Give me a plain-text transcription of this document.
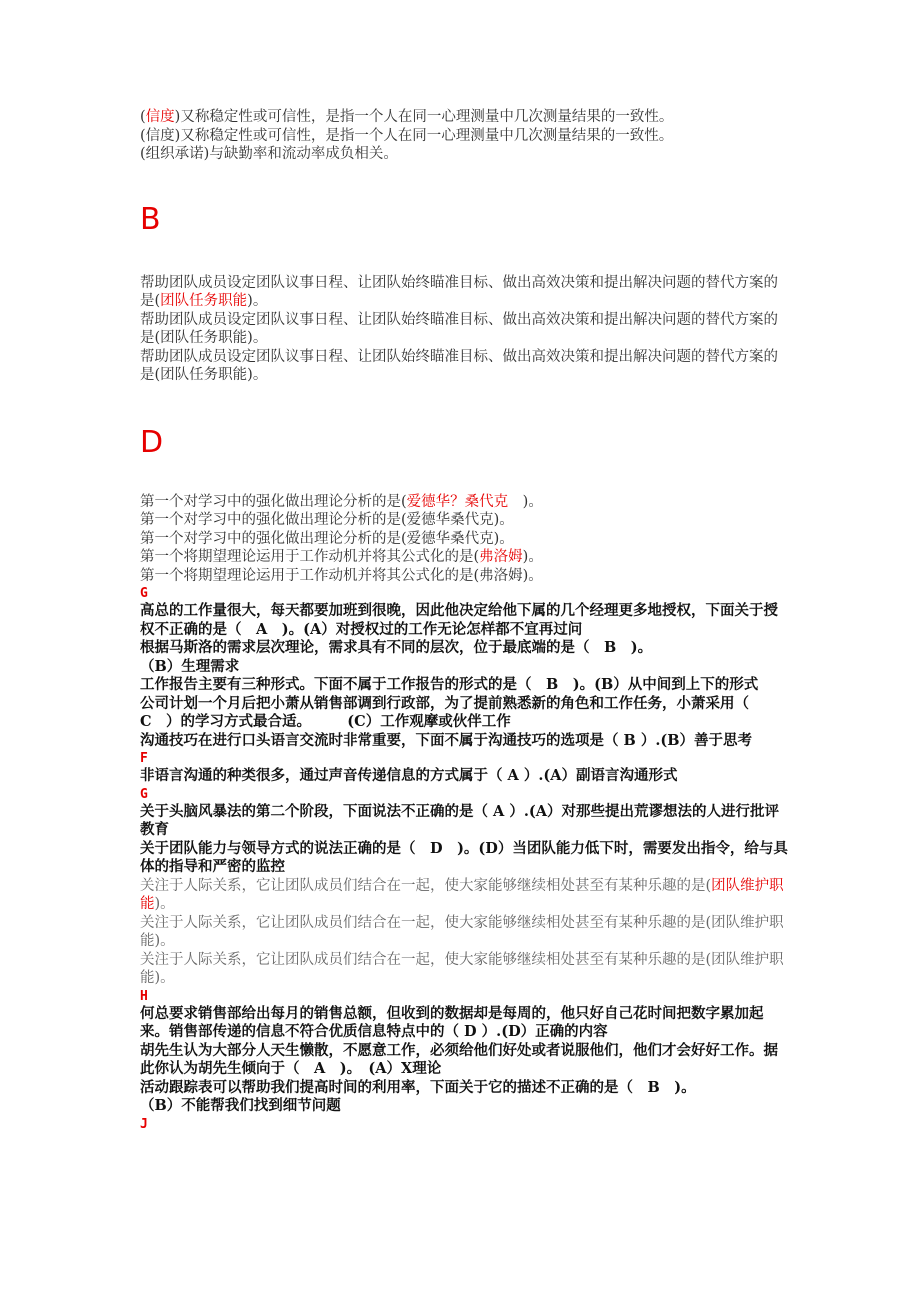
(信度)又称稳定性或可信性，是指一个人在同一心理测量中几次测量结果的一致性。
(信度)又称稳定性或可信性，是指一个人在同一心理测量中几次测量结果的一致性。
(组织承诺)与缺勤率和流动率成负相关。
B
帮助团队成员设定团队议事日程、让团队始终瞄准目标、做出高效决策和提出解决问题的替代方案的是(团队任务职能)。
帮助团队成员设定团队议事日程、让团队始终瞄准目标、做出高效决策和提出解决问题的替代方案的是(团队任务职能)。
帮助团队成员设定团队议事日程、让团队始终瞄准目标、做出高效决策和提出解决问题的替代方案的是(团队任务职能)。
D
第一个对学习中的强化做出理论分析的是(爱德华？桑代克　)。
第一个对学习中的强化做出理论分析的是(爱德华桑代克)。
第一个对学习中的强化做出理论分析的是(爱德华桑代克)。
第一个将期望理论运用于工作动机并将其公式化的是(弗洛姆)。
第一个将期望理论运用于工作动机并将其公式化的是(弗洛姆)。
G
高总的工作量很大，每天都要加班到很晚，因此他决定给他下属的几个经理更多地授权，下面关于授权不正确的是（　A　)。(A）对授权过的工作无论怎样都不宜再过问
根据马斯洛的需求层次理论，需求具有不同的层次，位于最底端的是（　B　)。
（B）生理需求
工作报告主要有三种形式。下面不属于工作报告的形式的是（　B　)。(B）从中间到上下的形式
公司计划一个月后把小萧从销售部调到行政部，为了提前熟悉新的角色和工作任务，小萧采用（　C　）的学习方式最合适。　　　(C）工作观摩或伙伴工作
沟通技巧在进行口头语言交流时非常重要，下面不属于沟通技巧的选项是（ B ）.(B）善于思考
F
非语言沟通的种类很多，通过声音传递信息的方式属于（ A ）.(A）副语言沟通形式
G
关于头脑风暴法的第二个阶段，下面说法不正确的是（ A ）.(A）对那些提出荒谬想法的人进行批评教育
关于团队能力与领导方式的说法正确的是（　D　)。(D）当团队能力低下时，需要发出指令，给与具体的指导和严密的监控
关注于人际关系，它让团队成员们结合在一起，使大家能够继续相处甚至有某种乐趣的是(团队维护职能)。
关注于人际关系，它让团队成员们结合在一起，使大家能够继续相处甚至有某种乐趣的是(团队维护职能)。
关注于人际关系，它让团队成员们结合在一起，使大家能够继续相处甚至有某种乐趣的是(团队维护职能)。
H
何总要求销售部给出每月的销售总额，但收到的数据却是每周的，他只好自己花时间把数字累加起来。销售部传递的信息不符合优质信息特点中的（ D ）.(D）正确的内容
胡先生认为大部分人天生懒散，不愿意工作，必须给他们好处或者说服他们，他们才会好好工作。据此你认为胡先生倾向于（　A　)。　(A）X理论
活动跟踪表可以帮助我们提高时间的利用率，下面关于它的描述不正确的是（　B　)。
（B）不能帮我们找到细节问题
J
